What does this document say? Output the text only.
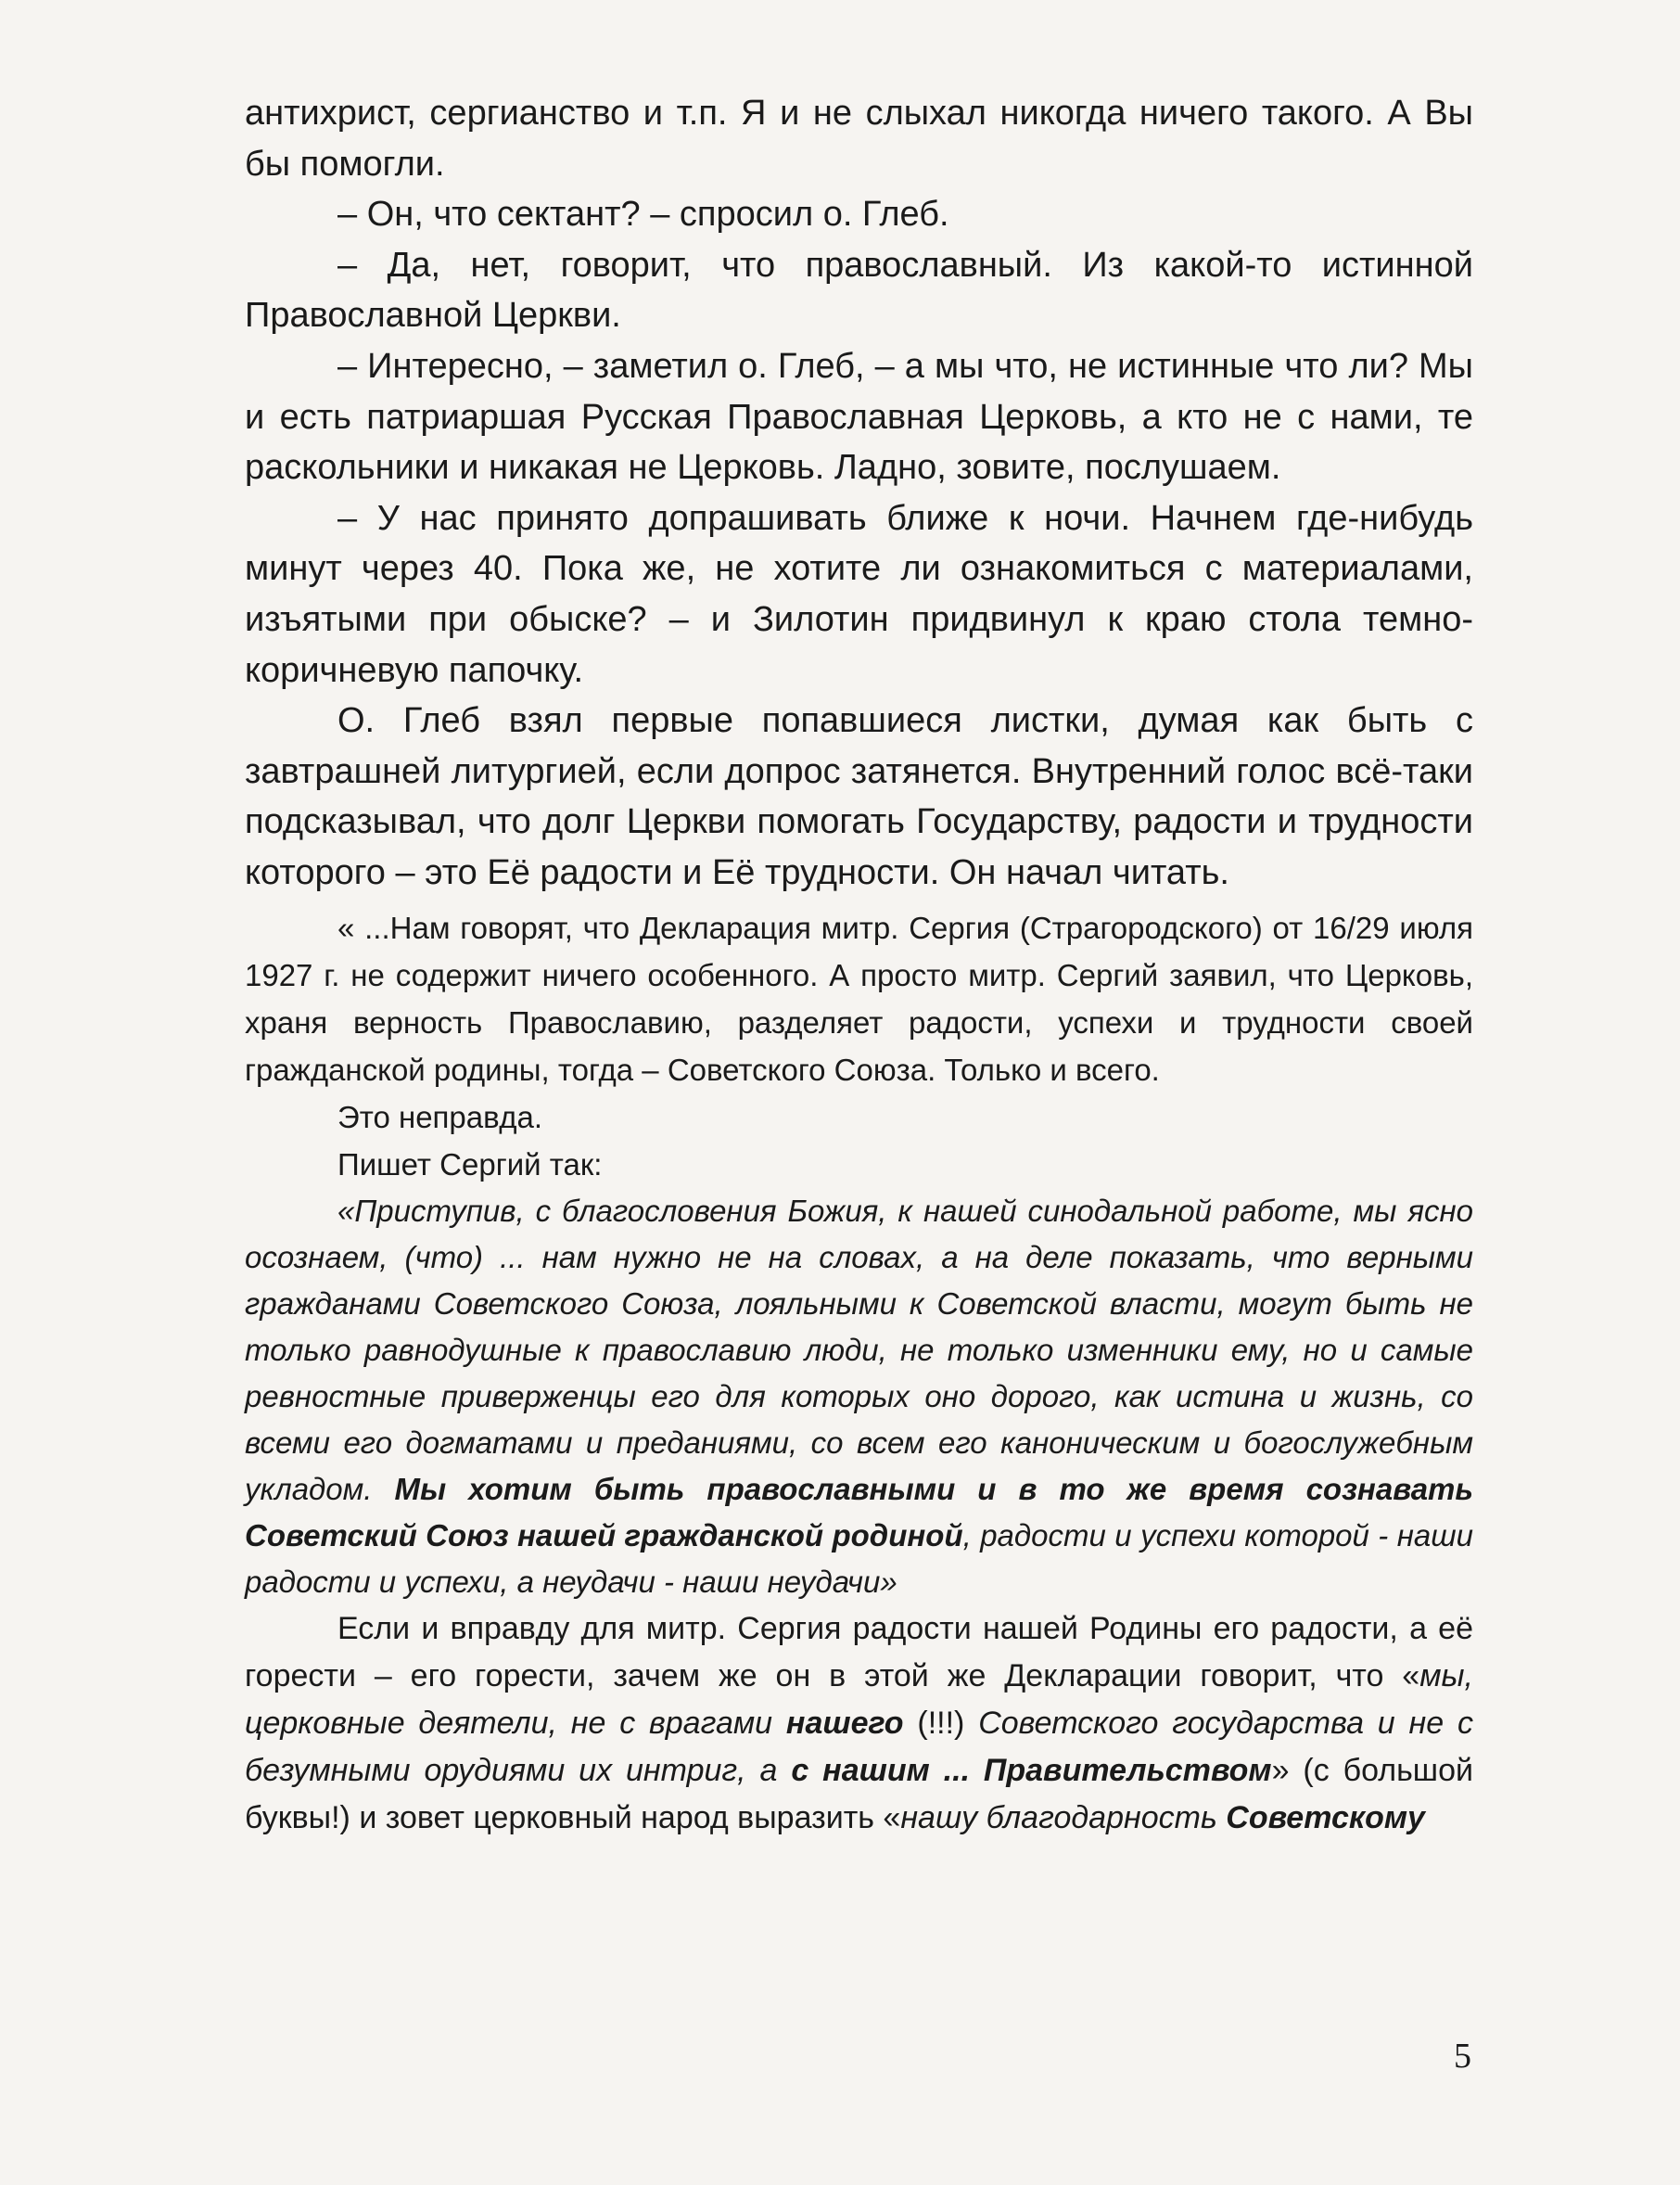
антихрист, сергианство и т.п. Я и не слыхал никогда ничего такого. А Вы бы помогли.

– Он, что сектант? – спросил о. Глеб.

– Да, нет, говорит, что православный. Из какой-то истинной Православной Церкви.

– Интересно, – заметил о. Глеб, – а мы что, не истинные что ли? Мы и есть патриаршая Русская Православная Церковь, а кто не с нами, те раскольники и никакая не Церковь. Ладно, зовите, послушаем.

– У нас принято допрашивать ближе к ночи. Начнем где-нибудь минут через 40. Пока же, не хотите ли ознакомиться с материалами, изъятыми при обыске? – и Зилотин придвинул к краю стола темно-коричневую папочку.

О. Глеб взял первые попавшиеся листки, думая как быть с завтрашней литургией, если допрос затянется. Внутренний голос всё-таки подсказывал, что долг Церкви помогать Государству, радости и трудности которого – это Её радости и Её трудности. Он начал читать.

« ...Нам говорят, что Декларация митр. Сергия (Страгородского) от 16/29 июля 1927 г. не содержит ничего особенного. А просто митр. Сергий заявил, что Церковь, храня верность Православию, разделяет радости, успехи и трудности своей гражданской родины, тогда – Советского Союза. Только и всего.

Это неправда.

Пишет Сергий так:

«Приступив, с благословения Божия, к нашей синодальной работе, мы ясно осознаем, (что) ... нам нужно не на словах, а на деле показать, что верными гражданами Советского Союза, лояльными к Советской власти, могут быть не только равнодушные к православию люди, не только изменники ему, но и самые ревностные приверженцы его для которых оно дорого, как истина и жизнь, со всеми его догматами и преданиями, со всем его каноническим и богослужебным укладом. Мы хотим быть православными и в то же время сознавать Советский Союз нашей гражданской родиной, радости и успехи которой - наши радости и успехи, а неудачи - наши неудачи»

Если и вправду для митр. Сергия радости нашей Родины его радости, а её горести – его горести, зачем же он в этой же Декларации говорит, что «мы, церковные деятели, не с врагами нашего (!!!) Советского государства и не с безумными орудиями их интриг, а с нашим ... Правительством» (с большой буквы!) и зовет церковный народ выразить «нашу благодарность Советскому

5
